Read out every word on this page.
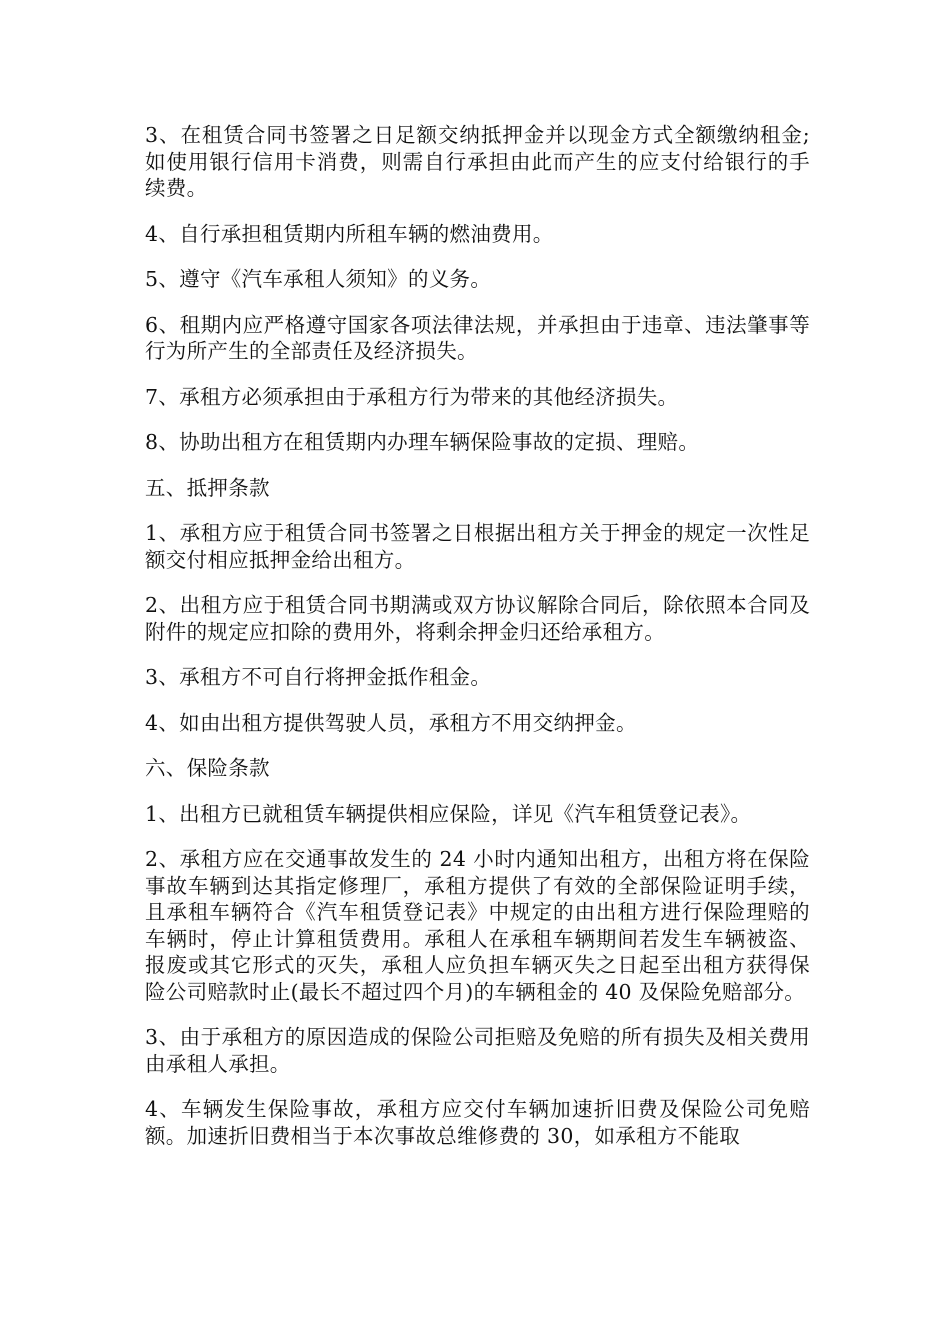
3、在租赁合同书签署之日足额交纳抵押金并以现金方式全额缴纳租金;如使用银行信用卡消费，则需自行承担由此而产生的应支付给银行的手续费。

4、自行承担租赁期内所租车辆的燃油费用。

5、遵守《汽车承租人须知》的义务。

6、租期内应严格遵守国家各项法律法规，并承担由于违章、违法肇事等行为所产生的全部责任及经济损失。

7、承租方必须承担由于承租方行为带来的其他经济损失。

8、协助出租方在租赁期内办理车辆保险事故的定损、理赔。

五、抵押条款

1、承租方应于租赁合同书签署之日根据出租方关于押金的规定一次性足额交付相应抵押金给出租方。

2、出租方应于租赁合同书期满或双方协议解除合同后，除依照本合同及附件的规定应扣除的费用外，将剩余押金归还给承租方。

3、承租方不可自行将押金抵作租金。

4、如由出租方提供驾驶人员，承租方不用交纳押金。

六、保险条款

1、出租方已就租赁车辆提供相应保险，详见《汽车租赁登记表》。

2、承租方应在交通事故发生的 24 小时内通知出租方，出租方将在保险事故车辆到达其指定修理厂，承租方提供了有效的全部保险证明手续，且承租车辆符合《汽车租赁登记表》中规定的由出租方进行保险理赔的车辆时，停止计算租赁费用。承租人在承租车辆期间若发生车辆被盗、报废或其它形式的灭失，承租人应负担车辆灭失之日起至出租方获得保险公司赔款时止(最长不超过四个月)的车辆租金的 40 及保险免赔部分。

3、由于承租方的原因造成的保险公司拒赔及免赔的所有损失及相关费用由承租人承担。

4、车辆发生保险事故，承租方应交付车辆加速折旧费及保险公司免赔额。加速折旧费相当于本次事故总维修费的 30，如承租方不能取
